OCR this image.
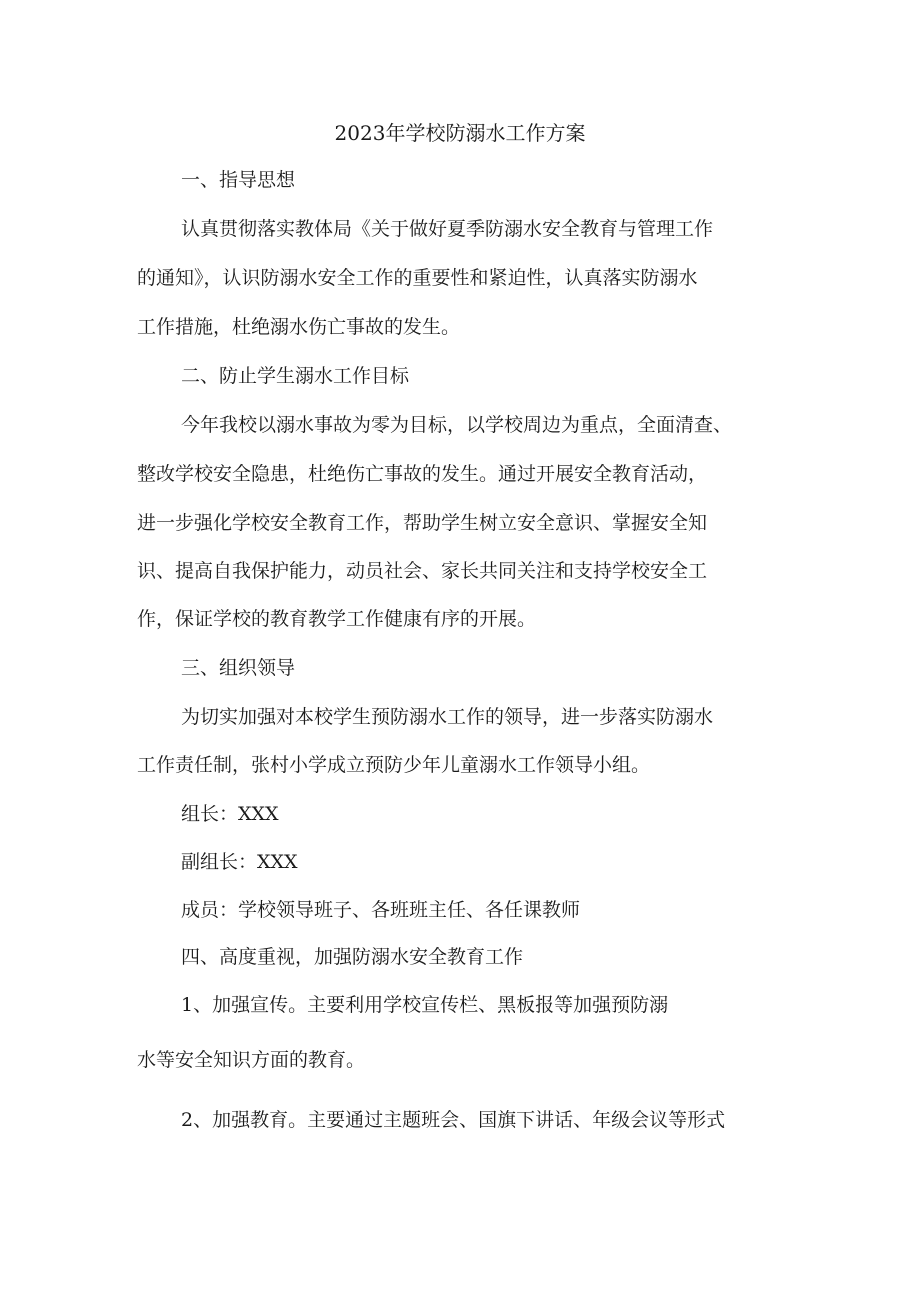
2023年学校防溺水工作方案
一、指导思想
认真贯彻落实教体局《关于做好夏季防溺水安全教育与管理工作
的通知》，认识防溺水安全工作的重要性和紧迫性，认真落实防溺水
工作措施，杜绝溺水伤亡事故的发生。
二、防止学生溺水工作目标
今年我校以溺水事故为零为目标，以学校周边为重点，全面清查、
整改学校安全隐患，杜绝伤亡事故的发生。通过开展安全教育活动，
进一步强化学校安全教育工作，帮助学生树立安全意识、掌握安全知
识、提高自我保护能力，动员社会、家长共同关注和支持学校安全工
作，保证学校的教育教学工作健康有序的开展。
三、组织领导
为切实加强对本校学生预防溺水工作的领导，进一步落实防溺水
工作责任制，张村小学成立预防少年儿童溺水工作领导小组。
组长：XXX
副组长：XXX
成员：学校领导班子、各班班主任、各任课教师
四、高度重视，加强防溺水安全教育工作
1、加强宣传。主要利用学校宣传栏、黑板报等加强预防溺
水等安全知识方面的教育。
2、加强教育。主要通过主题班会、国旗下讲话、年级会议等形式
